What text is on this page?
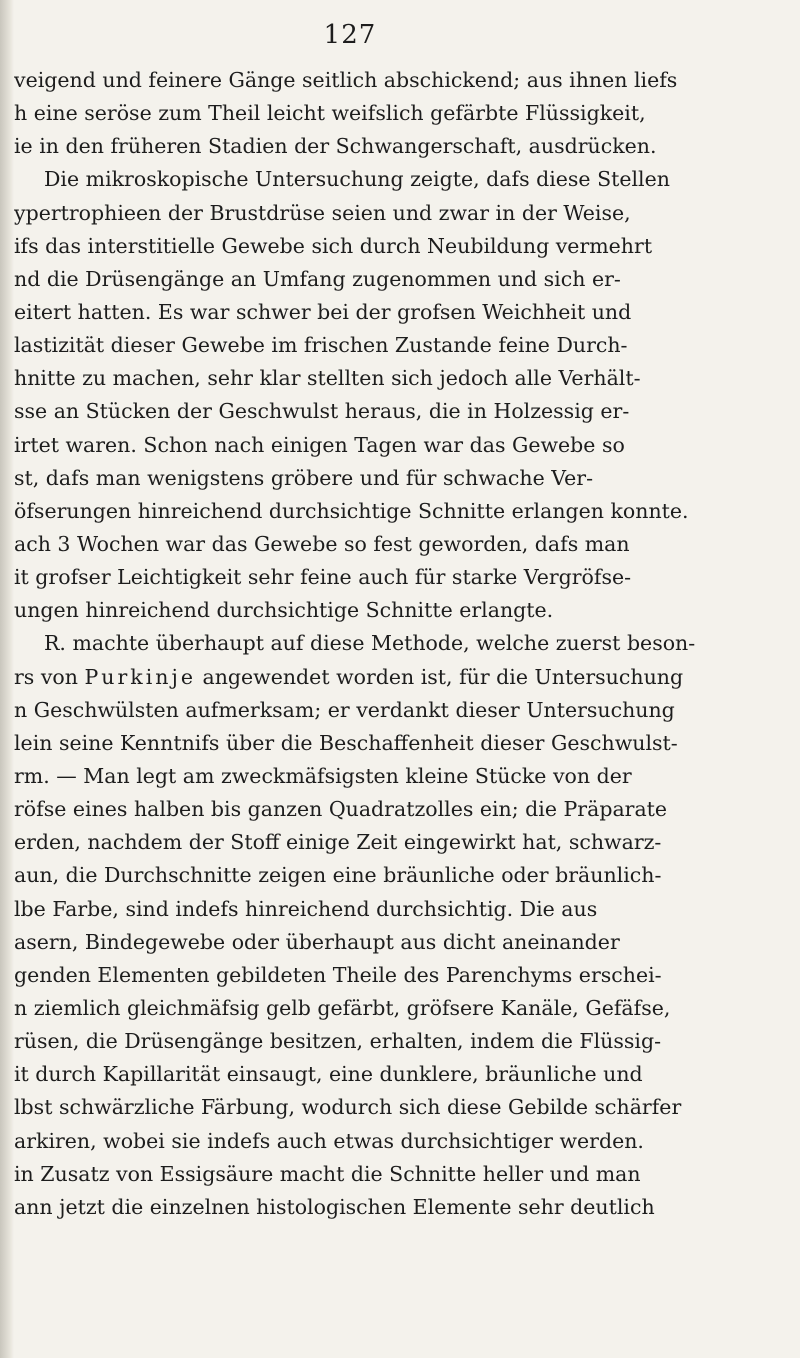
127
veigend und feinere Gänge seitlich abschickend; aus ihnen liefs
h eine seröse zum Theil leicht weifslich gefärbte Flüssigkeit,
ie in den früheren Stadien der Schwangerschaft, ausdrücken.
Die mikroskopische Untersuchung zeigte, dafs diese Stellen
ypertrophieen der Brustdrüse seien und zwar in der Weise,
ifs das interstitielle Gewebe sich durch Neubildung vermehrt
nd die Drüsengänge an Umfang zugenommen und sich er-
eitert hatten. Es war schwer bei der grofsen Weichheit und
lastizität dieser Gewebe im frischen Zustande feine Durch-
hnitte zu machen, sehr klar stellten sich jedoch alle Verhält-
sse an Stücken der Geschwulst heraus, die in Holzessig er-
irtet waren. Schon nach einigen Tagen war das Gewebe so
st, dafs man wenigstens gröbere und für schwache Ver-
öfserungen hinreichend durchsichtige Schnitte erlangen konnte.
ach 3 Wochen war das Gewebe so fest geworden, dafs man
it grofser Leichtigkeit sehr feine auch für starke Vergröfse-
ungen hinreichend durchsichtige Schnitte erlangte.
R. machte überhaupt auf diese Methode, welche zuerst beson-
rs von Purkinje angewendet worden ist, für die Untersuchung
n Geschwülsten aufmerksam; er verdankt dieser Untersuchung
lein seine Kenntnifs über die Beschaffenheit dieser Geschwulst-
rm. — Man legt am zweckmäfsigsten kleine Stücke von der
röfse eines halben bis ganzen Quadratzolles ein; die Präparate
erden, nachdem der Stoff einige Zeit eingewirkt hat, schwarz-
aun, die Durchschnitte zeigen eine bräunliche oder bräunlich-
lbe Farbe, sind indefs hinreichend durchsichtig. Die aus
asern, Bindegewebe oder überhaupt aus dicht aneinander
genden Elementen gebildeten Theile des Parenchyms erschei-
n ziemlich gleichmäfsig gelb gefärbt, gröfsere Kanäle, Gefäfse,
rüsen, die Drüsengänge besitzen, erhalten, indem die Flüssig-
it durch Kapillarität einsaugt, eine dunklere, bräunliche und
lbst schwärzliche Färbung, wodurch sich diese Gebilde schärfer
arkiren, wobei sie indefs auch etwas durchsichtiger werden.
in Zusatz von Essigsäure macht die Schnitte heller und man
ann jetzt die einzelnen histologischen Elemente sehr deutlich
